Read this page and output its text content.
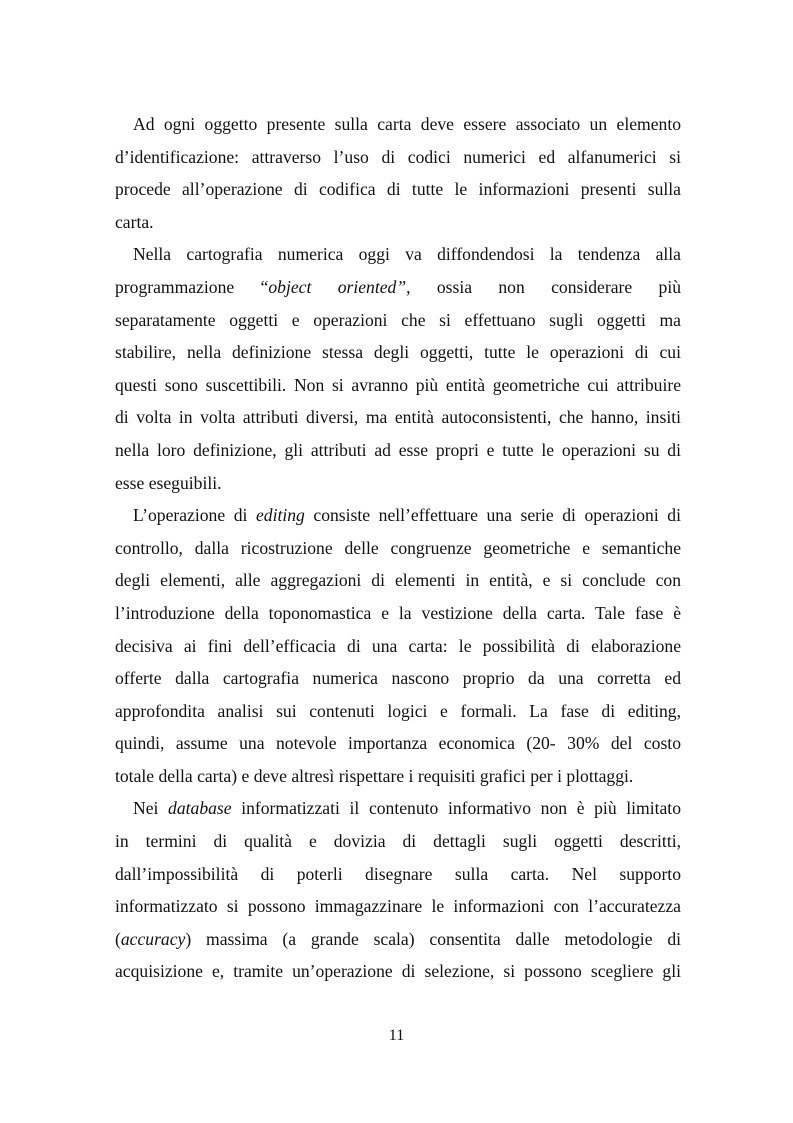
Ad ogni oggetto presente sulla carta deve essere associato un elemento
d’identificazione: attraverso l’uso di codici numerici ed alfanumerici si
procede all’operazione di codifica di tutte le informazioni presenti sulla
carta.
Nella cartografia numerica oggi va diffondendosi la tendenza alla
programmazione “object oriented”, ossia non considerare più
separatamente oggetti e operazioni che si effettuano sugli oggetti ma
stabilire, nella definizione stessa degli oggetti, tutte le operazioni di cui
questi sono suscettibili. Non si avranno più entità geometriche cui attribuire
di volta in volta attributi diversi, ma entità autoconsistenti, che hanno, insiti
nella loro definizione, gli attributi ad esse propri e tutte le operazioni su di
esse eseguibili.
L’operazione di editing consiste nell’effettuare una serie di operazioni di
controllo, dalla ricostruzione delle congruenze geometriche e semantiche
degli elementi, alle aggregazioni di elementi in entità, e si conclude con
l’introduzione della toponomastica e la vestizione della carta. Tale fase è
decisiva ai fini dell’efficacia di una carta: le possibilità di elaborazione
offerte dalla cartografia numerica nascono proprio da una corretta ed
approfondita analisi sui contenuti logici e formali. La fase di editing,
quindi, assume una notevole importanza economica (20- 30% del costo
totale della carta) e deve altresì rispettare i requisiti grafici per i plottaggi.
Nei database informatizzati il contenuto informativo non è più limitato
in termini di qualità e dovizia di dettagli sugli oggetti descritti,
dall’impossibilità di poterli disegnare sulla carta. Nel supporto
informatizzato si possono immagazzinare le informazioni con l’accuratezza
(accuracy) massima (a grande scala) consentita dalle metodologie di
acquisizione e, tramite un’operazione di selezione, si possono scegliere gli
11
